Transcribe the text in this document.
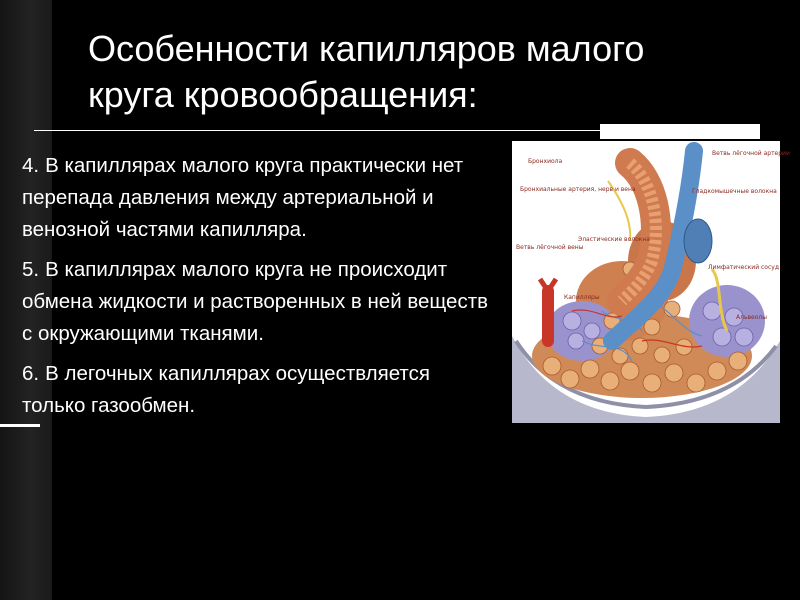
Особенности капилляров малого
круга кровообращения:
4. В капиллярах малого круга практически нет перепада давления между артериальной и венозной частями капилляра.
5. В капиллярах малого круга не происходит обмена жидкости и растворенных в ней веществ с окружающими тканями.
6. В легочных капиллярах осуществляется только газообмен.
Бронхиола
Ветвь лёгочной артерии
Бронхиальные артерия, нерв и вена	Гладкомышечные волокна
Ветвь лёгочной вены
Эластические волокна
Лимфатический сосуд
Капилляры
Альвеолы
